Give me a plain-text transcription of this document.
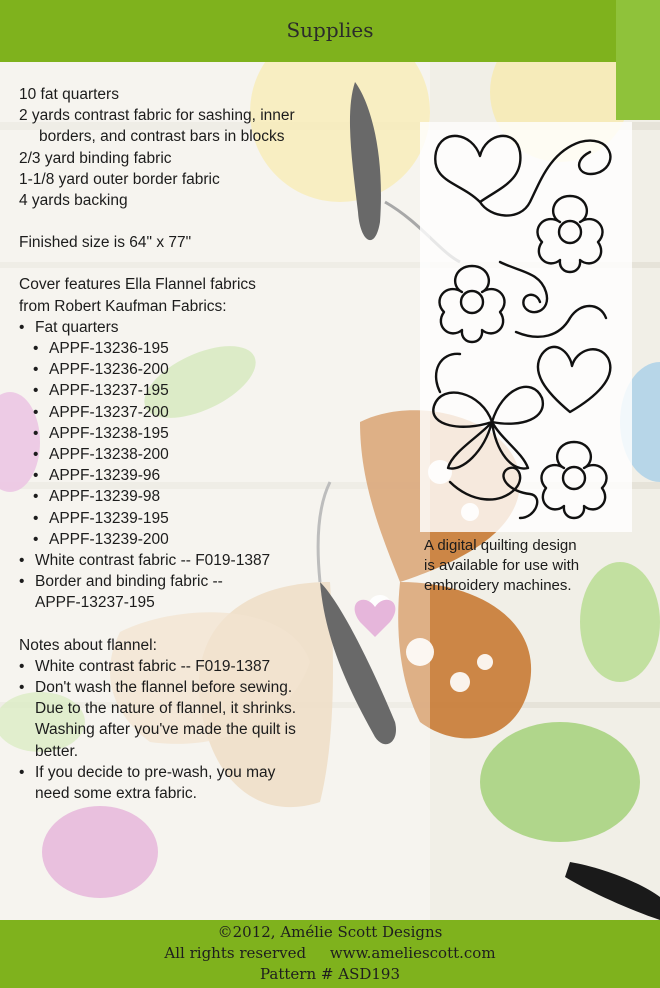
Supplies

10 fat quarters

2 yards contrast fabric for sashing, inner

borders, and contrast bars in blocks

2/3 yard binding fabric

1-1/8 yard outer border fabric

4 yards backing

Finished size is 64" x 77"

Cover features Ella Flannel fabrics

from Robert Kaufman Fabrics:

• Fat quarters
• APPF-13236-195
• APPF-13236-200
• APPF-13237-195
• APPF-13237-200
• APPF-13238-195
• APPF-13238-200
• APPF-13239-96
• APPF-13239-98
• APPF-13239-195
• APPF-13239-200
• White contrast fabric -- F019-1387
• Border and binding fabric --
APPF-13237-195

Notes about flannel:

• White contrast fabric -- F019-1387
• Don't wash the flannel before sewing.
Due to the nature of flannel, it shrinks.
Washing after you've made the quilt is
better.
• If you decide to pre-wash, you may
need some extra fabric.
A digital quilting design
is available for use with
embroidery machines.
©2012, Amélie Scott Designs
All rights reserved     www.ameliescott.com
Pattern # ASD193
